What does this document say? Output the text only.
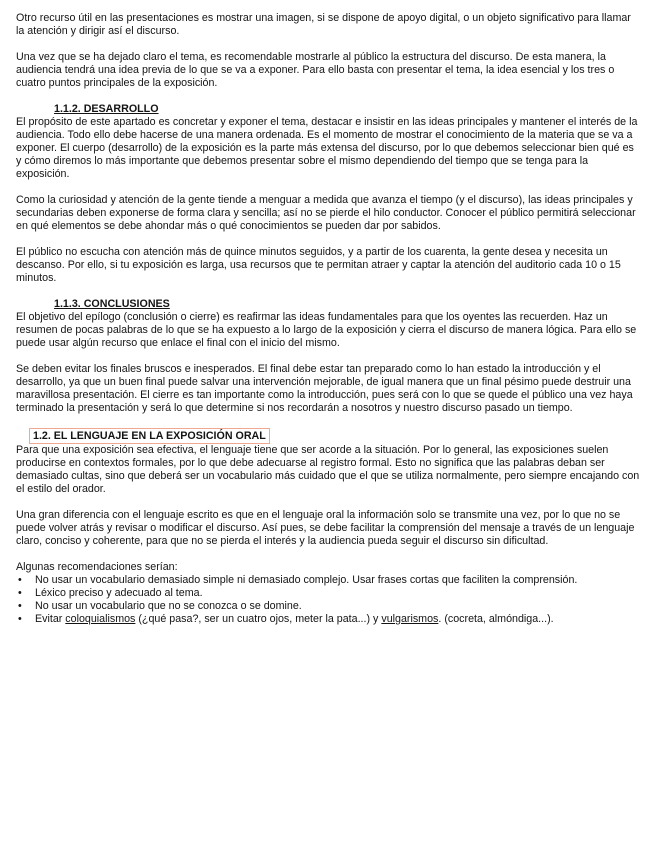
Otro recurso útil en las presentaciones es mostrar una imagen, si se dispone de apoyo digital, o un objeto significativo para llamar la atención y dirigir así el discurso.

Una vez que se ha dejado claro el tema, es recomendable mostrarle al público la estructura del discurso. De esta manera, la audiencia tendrá una idea previa de lo que se va a exponer. Para ello basta con presentar el tema, la idea esencial y los tres o cuatro puntos principales de la exposición.

1.1.2. DESARROLLO

El propósito de este apartado es concretar y exponer el tema, destacar e insistir en las ideas principales y mantener el interés de la audiencia. Todo ello debe hacerse de una manera ordenada. Es el momento de mostrar el conocimiento de la materia que se va a exponer. El cuerpo (desarrollo) de la exposición es la parte más extensa del discurso, por lo que debemos seleccionar bien qué es y cómo diremos lo más importante que debemos presentar sobre el mismo dependiendo del tiempo que se tenga para la exposición.

Como la curiosidad y atención de la gente tiende a menguar a medida que avanza el tiempo (y el discurso), las ideas principales y secundarias deben exponerse de forma clara y sencilla; así no se pierde el hilo conductor. Conocer el público permitirá seleccionar en qué elementos se debe ahondar más o qué conocimientos se pueden dar por sabidos.

El público no escucha con atención más de quince minutos seguidos, y a partir de los cuarenta, la gente desea y necesita un descanso. Por ello, si tu exposición es larga, usa recursos que te permitan atraer y captar la atención del auditorio cada 10 o 15 minutos.

1.1.3. CONCLUSIONES

El objetivo del epílogo (conclusión o cierre) es reafirmar las ideas fundamentales para que los oyentes las recuerden. Haz un resumen de pocas palabras de lo que se ha expuesto a lo largo de la exposición y cierra el discurso de manera lógica. Para ello se puede usar algún recurso que enlace el final con el inicio del mismo.

Se deben evitar los finales bruscos e inesperados. El final debe estar tan preparado como lo han estado la introducción y el desarrollo, ya que un buen final puede salvar una intervención mejorable, de igual manera que un final pésimo puede destruir una maravillosa presentación. El cierre es tan importante como la introducción, pues será con lo que se quede el público una vez haya terminado la presentación y será lo que determine si nos recordarán a nosotros y nuestro discurso pasado un tiempo.

1.2. EL LENGUAJE EN LA EXPOSICIÓN ORAL

Para que una exposición sea efectiva, el lenguaje tiene que ser acorde a la situación. Por lo general, las exposiciones suelen producirse en contextos formales, por lo que debe adecuarse al registro formal. Esto no significa que las palabras deban ser demasiado cultas, sino que deberá ser un vocabulario más cuidado que el que se utiliza normalmente, pero siempre encajando con el estilo del orador.

Una gran diferencia con el lenguaje escrito es que en el lenguaje oral la información solo se transmite una vez, por lo que no se puede volver atrás y revisar o modificar el discurso. Así pues, se debe facilitar la comprensión del mensaje a través de un lenguaje claro, conciso y coherente, para que no se pierda el interés y la audiencia pueda seguir el discurso sin dificultad.

Algunas recomendaciones serían:

• No usar un vocabulario demasiado simple ni demasiado complejo. Usar frases cortas que faciliten la comprensión.
• Léxico preciso y adecuado al tema.
• No usar un vocabulario que no se conozca o se domine.
• Evitar coloquialismos (¿qué pasa?, ser un cuatro ojos, meter la pata...) y vulgarismos. (cocreta, almóndiga...).
